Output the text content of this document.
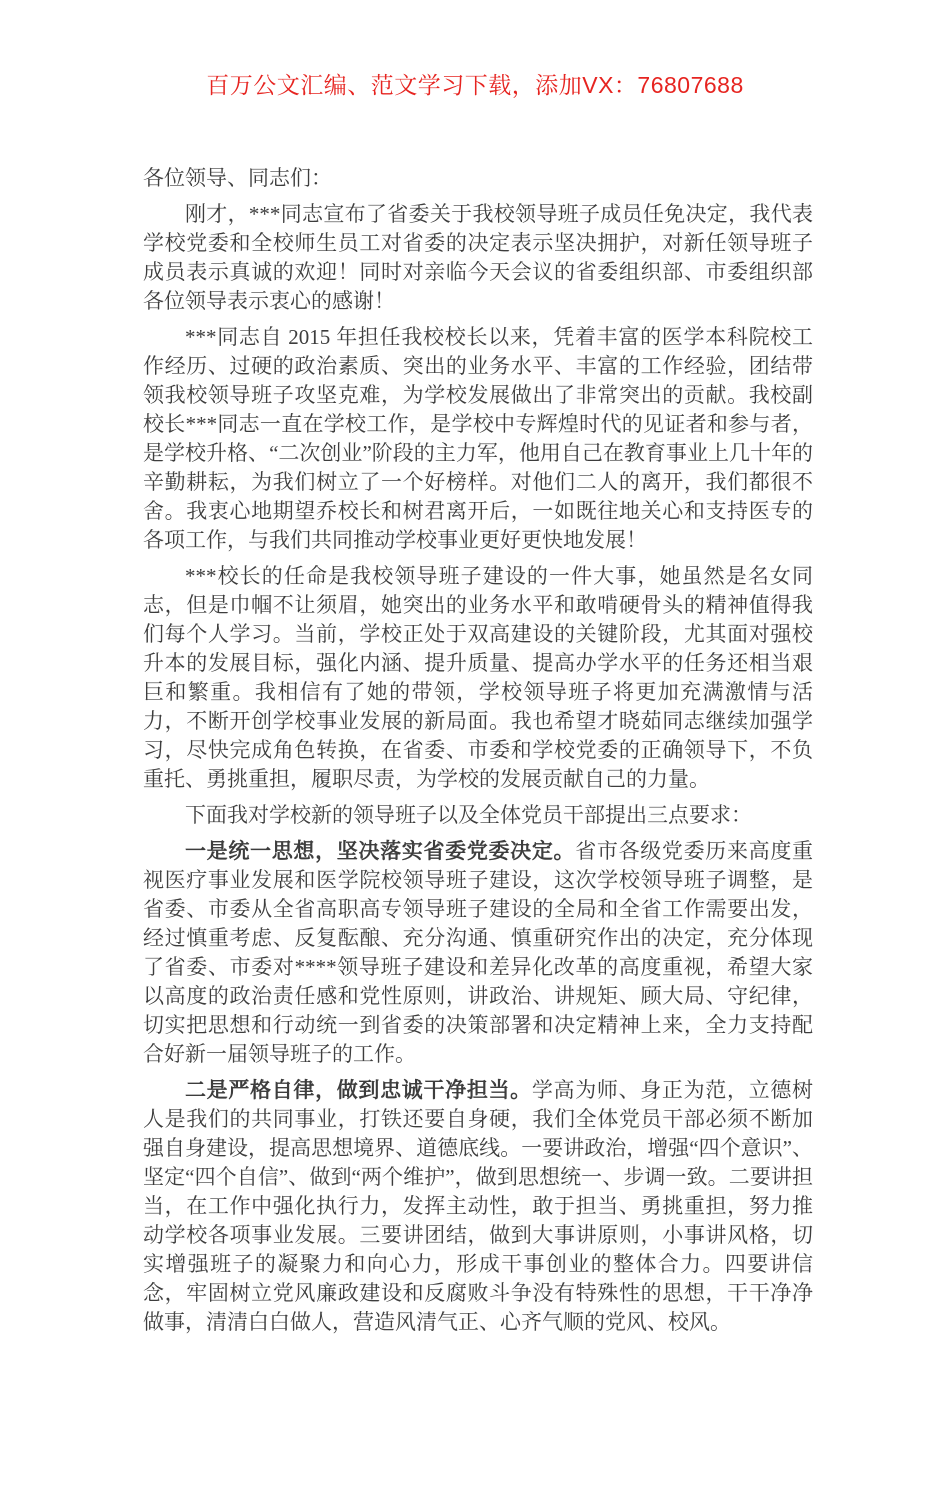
百万公文汇编、范文学习下载，添加VX：76807688

各位领导、同志们：

刚才，***同志宣布了省委关于我校领导班子成员任免决定，我代表学校党委和全校师生员工对省委的决定表示坚决拥护，对新任领导班子成员表示真诚的欢迎！同时对亲临今天会议的省委组织部、市委组织部各位领导表示衷心的感谢！

***同志自 2015 年担任我校校长以来，凭着丰富的医学本科院校工作经历、过硬的政治素质、突出的业务水平、丰富的工作经验，团结带领我校领导班子攻坚克难，为学校发展做出了非常突出的贡献。我校副校长***同志一直在学校工作，是学校中专辉煌时代的见证者和参与者，是学校升格、“二次创业”阶段的主力军，他用自己在教育事业上几十年的辛勤耕耘，为我们树立了一个好榜样。对他们二人的离开，我们都很不舍。我衷心地期望乔校长和树君离开后，一如既往地关心和支持医专的各项工作，与我们共同推动学校事业更好更快地发展！

***校长的任命是我校领导班子建设的一件大事，她虽然是名女同志，但是巾帼不让须眉，她突出的业务水平和敢啃硬骨头的精神值得我们每个人学习。当前，学校正处于双高建设的关键阶段，尤其面对强校升本的发展目标，强化内涵、提升质量、提高办学水平的任务还相当艰巨和繁重。我相信有了她的带领，学校领导班子将更加充满激情与活力，不断开创学校事业发展的新局面。我也希望才晓茹同志继续加强学习，尽快完成角色转换，在省委、市委和学校党委的正确领导下，不负重托、勇挑重担，履职尽责，为学校的发展贡献自己的力量。

下面我对学校新的领导班子以及全体党员干部提出三点要求：

一是统一思想，坚决落实省委党委决定。省市各级党委历来高度重视医疗事业发展和医学院校领导班子建设，这次学校领导班子调整，是省委、市委从全省高职高专领导班子建设的全局和全省工作需要出发，经过慎重考虑、反复酝酿、充分沟通、慎重研究作出的决定，充分体现了省委、市委对****领导班子建设和差异化改革的高度重视，希望大家以高度的政治责任感和党性原则，讲政治、讲规矩、顾大局、守纪律，切实把思想和行动统一到省委的决策部署和决定精神上来，全力支持配合好新一届领导班子的工作。

二是严格自律，做到忠诚干净担当。学高为师、身正为范，立德树人是我们的共同事业，打铁还要自身硬，我们全体党员干部必须不断加强自身建设，提高思想境界、道德底线。一要讲政治，增强“四个意识”、坚定“四个自信”、做到“两个维护”，做到思想统一、步调一致。二要讲担当，在工作中强化执行力，发挥主动性，敢于担当、勇挑重担，努力推动学校各项事业发展。三要讲团结，做到大事讲原则，小事讲风格，切实增强班子的凝聚力和向心力，形成干事创业的整体合力。四要讲信念，牢固树立党风廉政建设和反腐败斗争没有特殊性的思想，干干净净做事，清清白白做人，营造风清气正、心齐气顺的党风、校风。
